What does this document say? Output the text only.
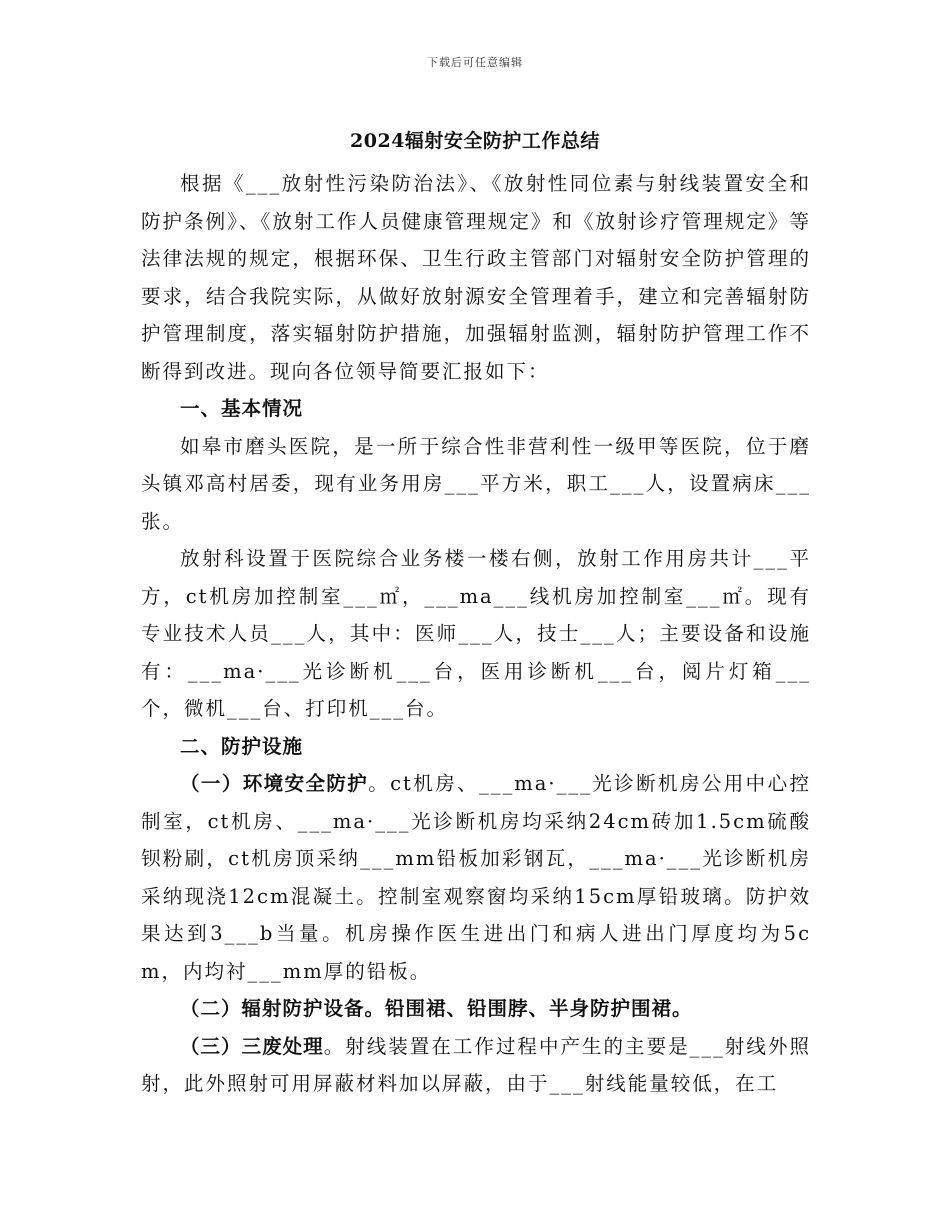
下载后可任意编辑
2024辐射安全防护工作总结

根据《___放射性污染防治法》、《放射性同位素与射线装置安全和防护条例》、《放射工作人员健康管理规定》和《放射诊疗管理规定》等法律法规的规定，根据环保、卫生行政主管部门对辐射安全防护管理的要求，结合我院实际，从做好放射源安全管理着手，建立和完善辐射防护管理制度，落实辐射防护措施，加强辐射监测，辐射防护管理工作不断得到改进。现向各位领导简要汇报如下：

一、基本情况

如皋市磨头医院，是一所于综合性非营利性一级甲等医院，位于磨头镇邓高村居委，现有业务用房___平方米，职工___人，设置病床___张。

放射科设置于医院综合业务楼一楼右侧，放射工作用房共计___平方，ct机房加控制室___㎡，___ma___线机房加控制室___㎡。现有专业技术人员___人，其中：医师___人，技士___人；主要设备和设施有：___ma·___光诊断机___台，医用诊断机___台，阅片灯箱___个，微机___台、打印机___台。

二、防护设施

（一）环境安全防护。ct机房、___ma·___光诊断机房公用中心控制室，ct机房、___ma·___光诊断机房均采纳24cm砖加1.5cm硫酸钡粉刷，ct机房顶采纳___mm铅板加彩钢瓦，___ma·___光诊断机房采纳现浇12cm混凝土。控制室观察窗均采纳15cm厚铅玻璃。防护效果达到3___b当量。机房操作医生进出门和病人进出门厚度均为5cm，内均衬___mm厚的铅板。

（二）辐射防护设备。铅围裙、铅围脖、半身防护围裙。

（三）三废处理。射线装置在工作过程中产生的主要是___射线外照射，此外照射可用屏蔽材料加以屏蔽，由于___射线能量较低，在工
